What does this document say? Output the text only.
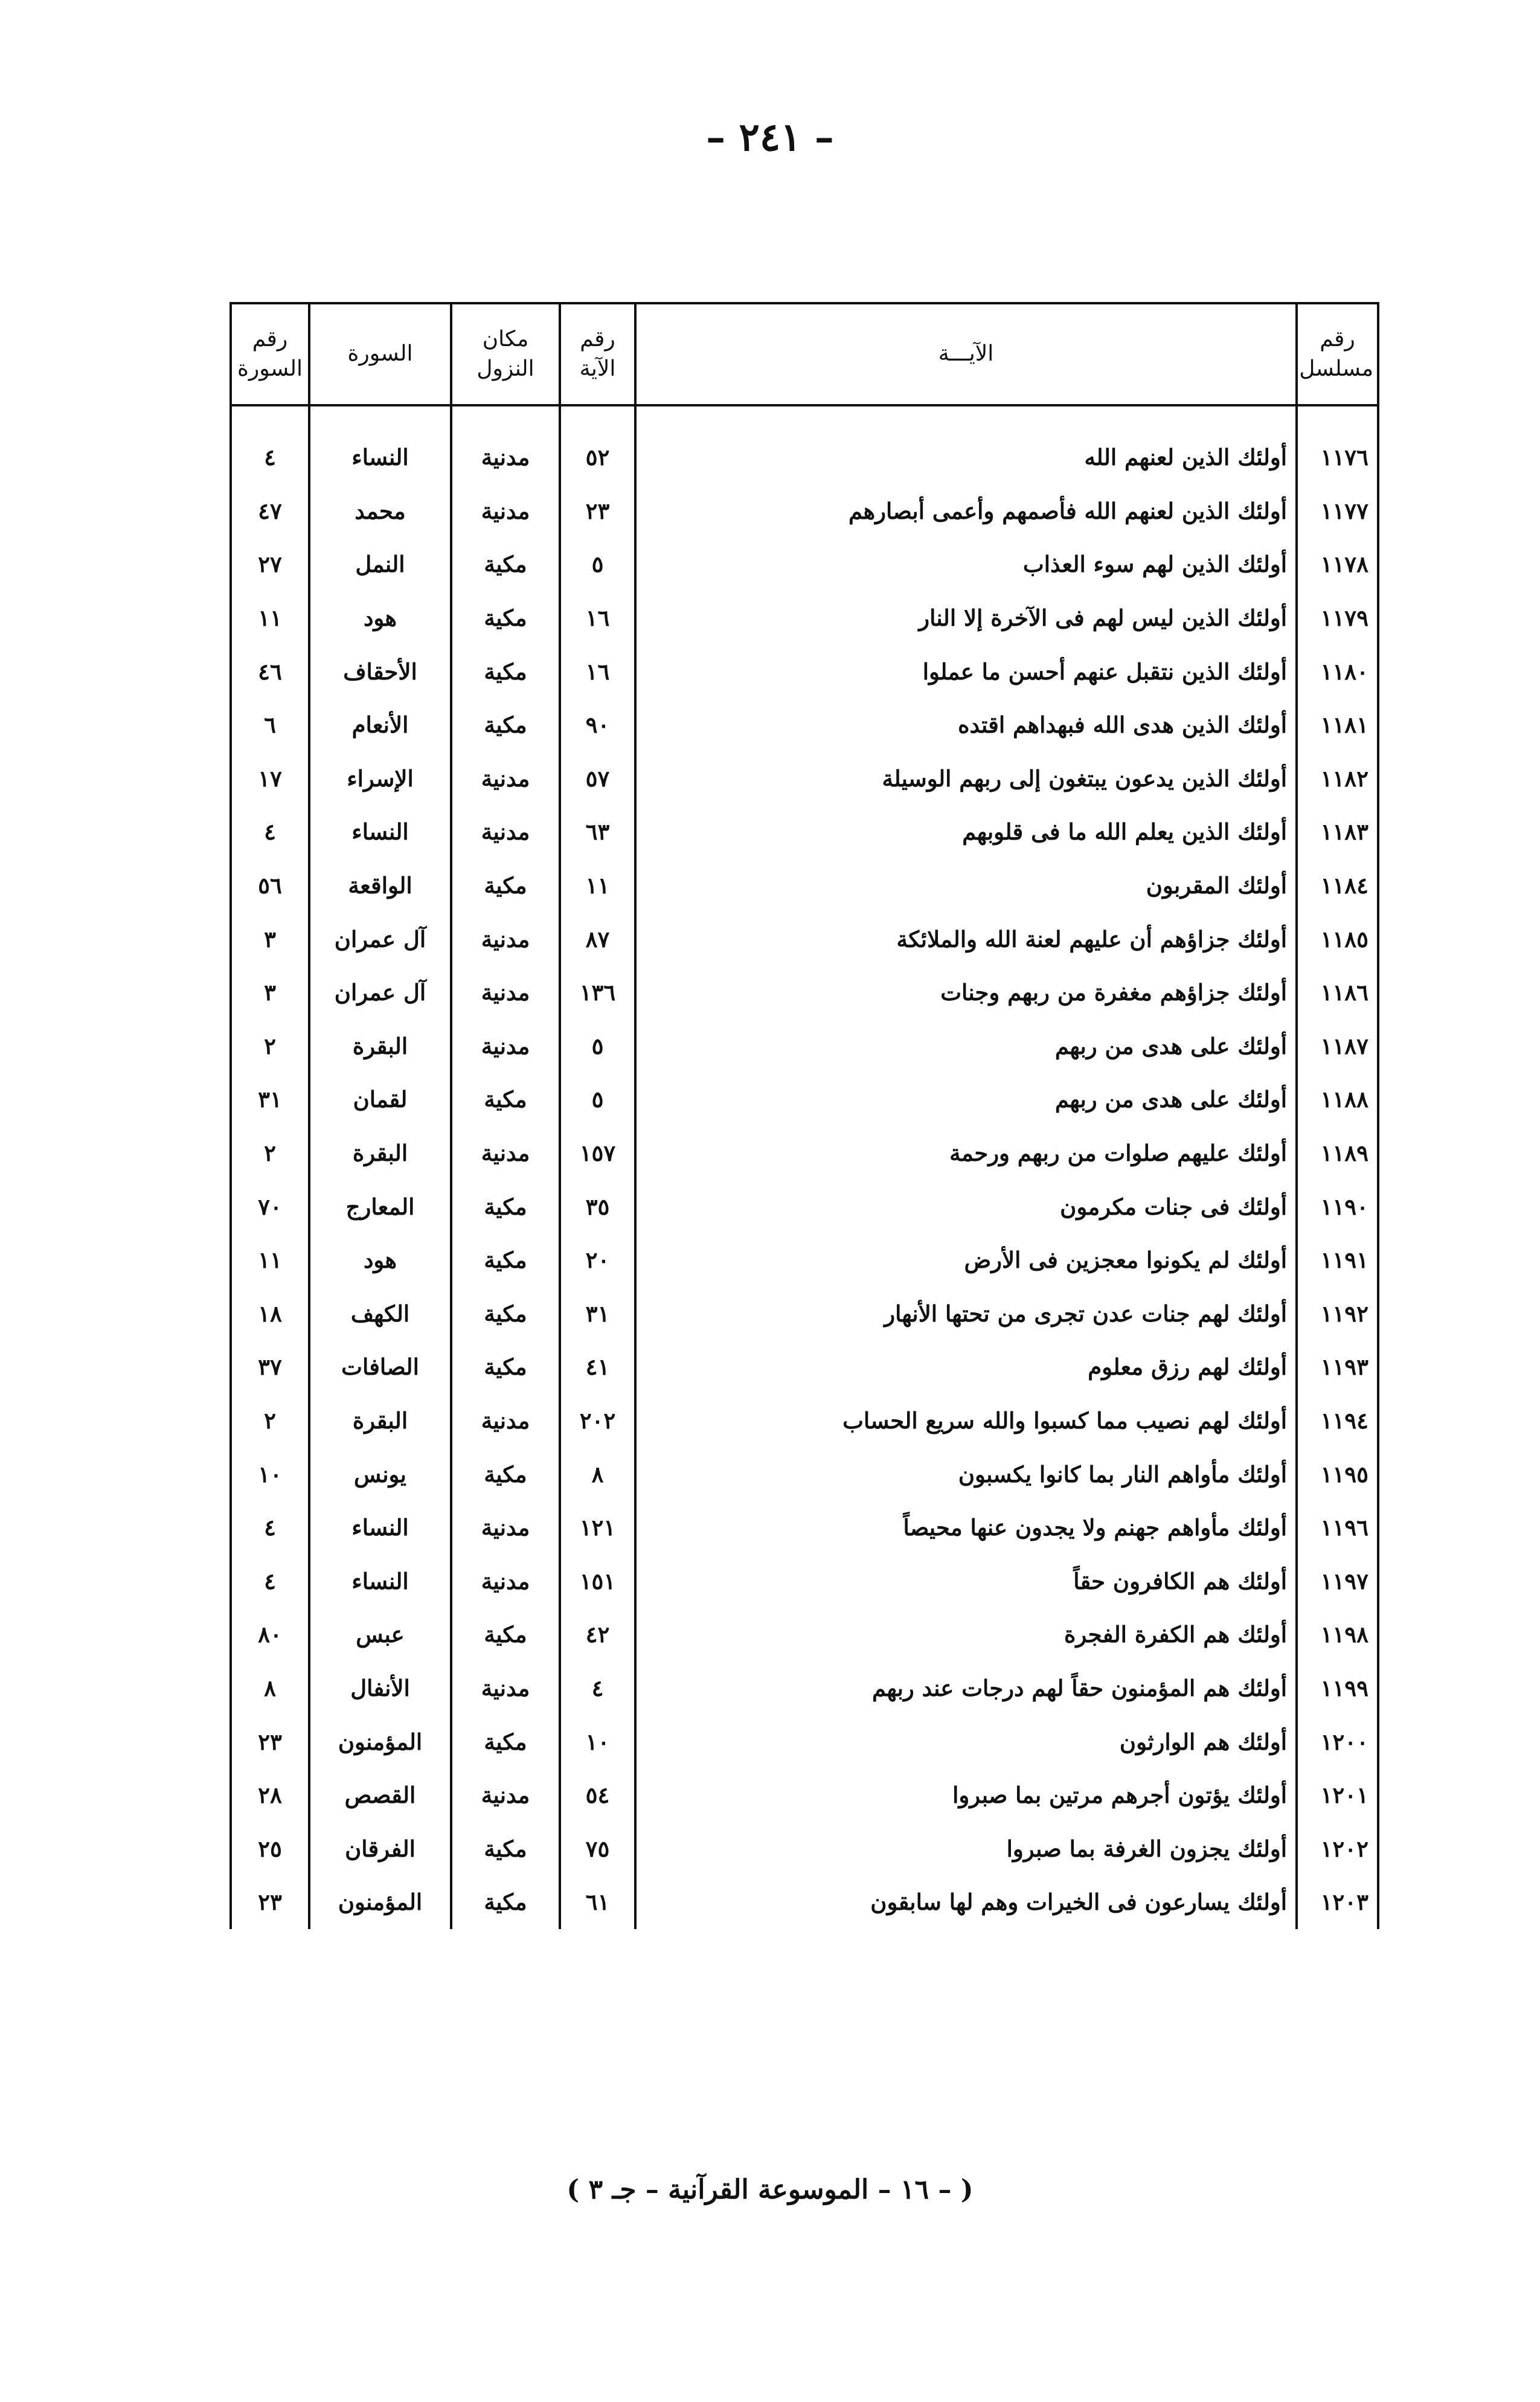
– ٢٤١ –
رقم مسلسل	الآيـــة	رقم الآية	مكان النزول	السورة	رقم السورة

١١٧٦	أولئك الذين لعنهم الله	٥٢	مدنية	النساء	٤
١١٧٧	أولئك الذين لعنهم الله فأصمهم وأعمى أبصارهم	٢٣	مدنية	محمد	٤٧
١١٧٨	أولئك الذين لهم سوء العذاب	٥	مكية	النمل	٢٧
١١٧٩	أولئك الذين ليس لهم فى الآخرة إلا النار	١٦	مكية	هود	١١
١١٨٠	أولئك الذين نتقبل عنهم أحسن ما عملوا	١٦	مكية	الأحقاف	٤٦
١١٨١	أولئك الذين هدى الله فبهداهم اقتده	٩٠	مكية	الأنعام	٦
١١٨٢	أولئك الذين يدعون يبتغون إلى ربهم الوسيلة	٥٧	مدنية	الإسراء	١٧
١١٨٣	أولئك الذين يعلم الله ما فى قلوبهم	٦٣	مدنية	النساء	٤
١١٨٤	أولئك المقربون	١١	مكية	الواقعة	٥٦
١١٨٥	أولئك جزاؤهم أن عليهم لعنة الله والملائكة	٨٧	مدنية	آل عمران	٣
١١٨٦	أولئك جزاؤهم مغفرة من ربهم وجنات	١٣٦	مدنية	آل عمران	٣
١١٨٧	أولئك على هدى من ربهم	٥	مدنية	البقرة	٢
١١٨٨	أولئك على هدى من ربهم	٥	مكية	لقمان	٣١
١١٨٩	أولئك عليهم صلوات من ربهم ورحمة	١٥٧	مدنية	البقرة	٢
١١٩٠	أولئك فى جنات مكرمون	٣٥	مكية	المعارج	٧٠
١١٩١	أولئك لم يكونوا معجزين فى الأرض	٢٠	مكية	هود	١١
١١٩٢	أولئك لهم جنات عدن تجرى من تحتها الأنهار	٣١	مكية	الكهف	١٨
١١٩٣	أولئك لهم رزق معلوم	٤١	مكية	الصافات	٣٧
١١٩٤	أولئك لهم نصيب مما كسبوا والله سريع الحساب	٢٠٢	مدنية	البقرة	٢
١١٩٥	أولئك مأواهم النار بما كانوا يكسبون	٨	مكية	يونس	١٠
١١٩٦	أولئك مأواهم جهنم ولا يجدون عنها محيصاً	١٢١	مدنية	النساء	٤
١١٩٧	أولئك هم الكافرون حقاً	١٥١	مدنية	النساء	٤
١١٩٨	أولئك هم الكفرة الفجرة	٤٢	مكية	عبس	٨٠
١١٩٩	أولئك هم المؤمنون حقاً لهم درجات عند ربهم	٤	مدنية	الأنفال	٨
١٢٠٠	أولئك هم الوارثون	١٠	مكية	المؤمنون	٢٣
١٢٠١	أولئك يؤتون أجرهم مرتين بما صبروا	٥٤	مدنية	القصص	٢٨
١٢٠٢	أولئك يجزون الغرفة بما صبروا	٧٥	مكية	الفرقان	٢٥
١٢٠٣	أولئك يسارعون فى الخيرات وهم لها سابقون	٦١	مكية	المؤمنون	٢٣
( – ١٦ – الموسوعة القرآنية – جـ ٣ )
